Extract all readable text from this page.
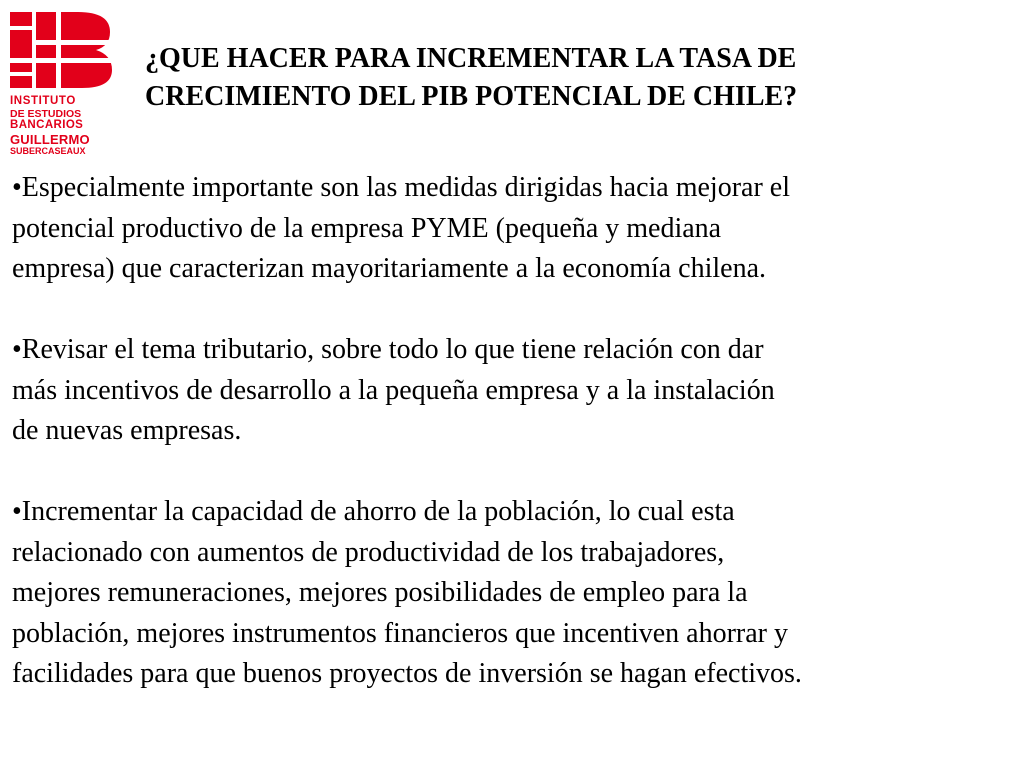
INSTITUTO
DE ESTUDIOS
BANCARIOS
GUILLERMO
SUBERCASEAUX
¿QUE HACER PARA INCREMENTAR LA TASA DE
CRECIMIENTO DEL PIB POTENCIAL DE CHILE?

•Especialmente importante son las medidas dirigidas hacia mejorar el
potencial productivo de la empresa PYME (pequeña y mediana
empresa) que caracterizan mayoritariamente a la economía chilena.

•Revisar el tema tributario, sobre todo lo que tiene relación con dar
más incentivos de desarrollo a la pequeña empresa y a la instalación
de nuevas empresas.

•Incrementar la capacidad de ahorro de la población, lo cual esta
relacionado con aumentos de productividad de los trabajadores,
mejores remuneraciones, mejores posibilidades de empleo para la
población, mejores instrumentos financieros que incentiven ahorrar y
facilidades para que buenos proyectos de inversión se hagan efectivos.
